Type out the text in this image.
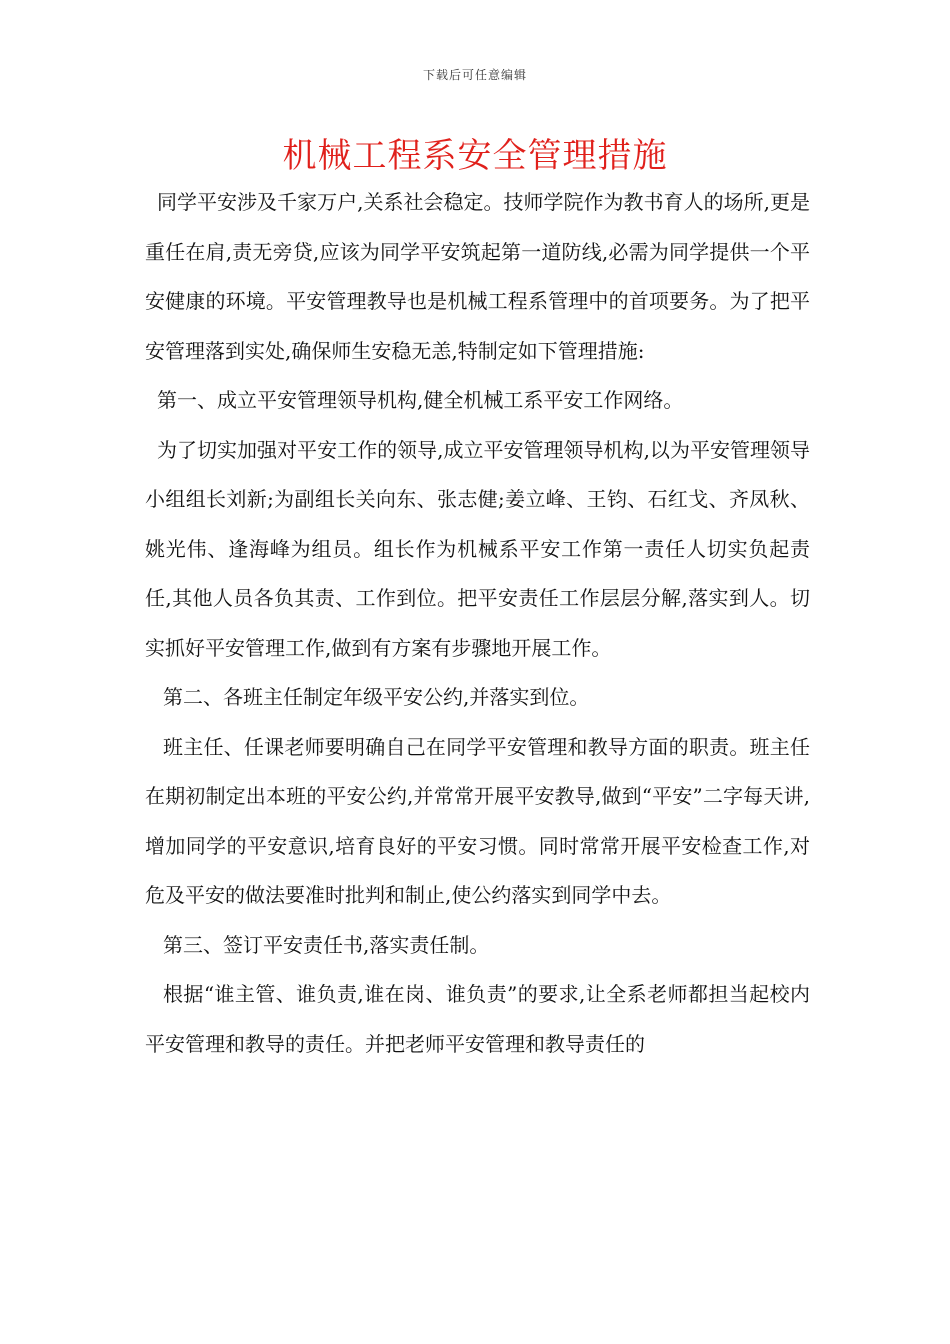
下载后可任意编辑
机械工程系安全管理措施

同学平安涉及千家万户,关系社会稳定。技师学院作为教书育人的场所,更是重任在肩,责无旁贷,应该为同学平安筑起第一道防线,必需为同学提供一个平安健康的环境。平安管理教导也是机械工程系管理中的首项要务。为了把平安管理落到实处,确保师生安稳无恙,特制定如下管理措施:

第一、成立平安管理领导机构,健全机械工系平安工作网络。

为了切实加强对平安工作的领导,成立平安管理领导机构,以为平安管理领导小组组长刘新;为副组长关向东、张志健;姜立峰、王钧、石红戈、齐凤秋、姚光伟、逢海峰为组员。组长作为机械系平安工作第一责任人切实负起责任,其他人员各负其责、工作到位。把平安责任工作层层分解,落实到人。切实抓好平安管理工作,做到有方案有步骤地开展工作。

第二、各班主任制定年级平安公约,并落实到位。

班主任、任课老师要明确自己在同学平安管理和教导方面的职责。班主任在期初制定出本班的平安公约,并常常开展平安教导,做到“平安”二字每天讲,增加同学的平安意识,培育良好的平安习惯。同时常常开展平安检查工作,对危及平安的做法要准时批判和制止,使公约落实到同学中去。

第三、签订平安责任书,落实责任制。

根据“谁主管、谁负责,谁在岗、谁负责”的要求,让全系老师都担当起校内平安管理和教导的责任。并把老师平安管理和教导责任的
